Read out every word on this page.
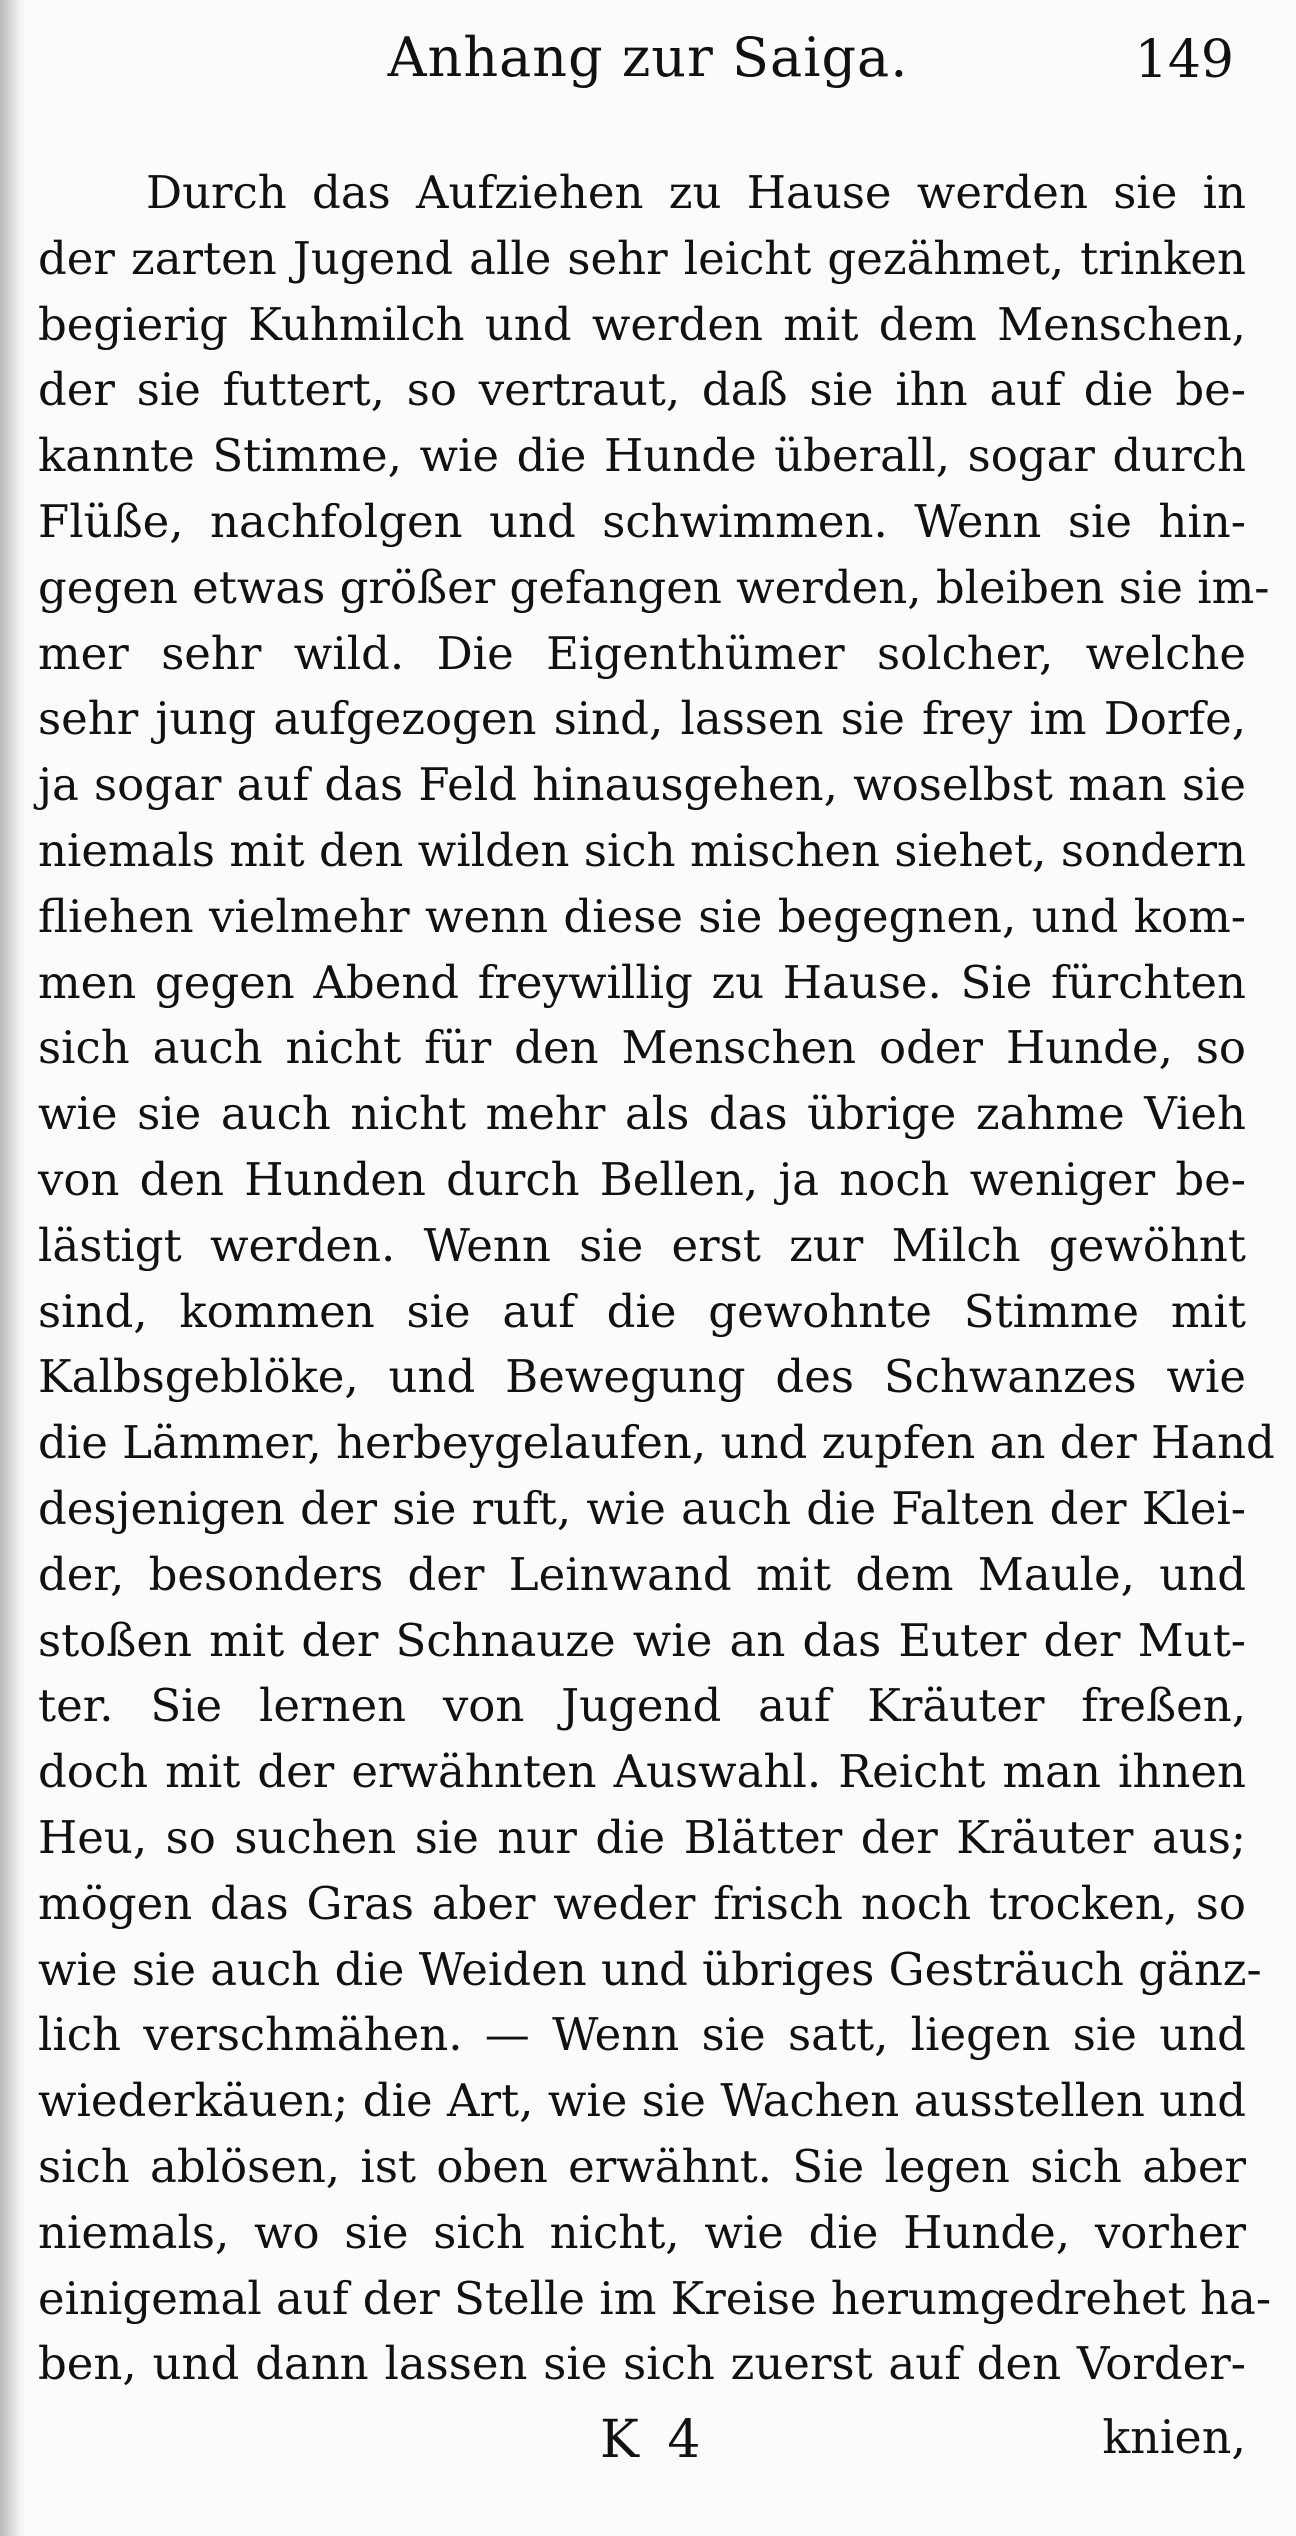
Anhang zur Saiga.	149
Durch das Aufziehen zu Hause werden sie in
der zarten Jugend alle sehr leicht gezähmet, trinken
begierig Kuhmilch und werden mit dem Menschen,
der sie futtert, so vertraut, daß sie ihn auf die be-
kannte Stimme, wie die Hunde überall, sogar durch
Flüße, nachfolgen und schwimmen. Wenn sie hin-
gegen etwas größer gefangen werden, bleiben sie im-
mer sehr wild. Die Eigenthümer solcher, welche
sehr jung aufgezogen sind, lassen sie frey im Dorfe,
ja sogar auf das Feld hinausgehen, woselbst man sie
niemals mit den wilden sich mischen siehet, sondern
fliehen vielmehr wenn diese sie begegnen, und kom-
men gegen Abend freywillig zu Hause. Sie fürchten
sich auch nicht für den Menschen oder Hunde, so
wie sie auch nicht mehr als das übrige zahme Vieh
von den Hunden durch Bellen, ja noch weniger be-
lästigt werden. Wenn sie erst zur Milch gewöhnt
sind, kommen sie auf die gewohnte Stimme mit
Kalbsgeblöke, und Bewegung des Schwanzes wie
die Lämmer, herbeygelaufen, und zupfen an der Hand
desjenigen der sie ruft, wie auch die Falten der Klei-
der, besonders der Leinwand mit dem Maule, und
stoßen mit der Schnauze wie an das Euter der Mut-
ter. Sie lernen von Jugend auf Kräuter freßen,
doch mit der erwähnten Auswahl. Reicht man ihnen
Heu, so suchen sie nur die Blätter der Kräuter aus;
mögen das Gras aber weder frisch noch trocken, so
wie sie auch die Weiden und übriges Gesträuch gänz-
lich verschmähen. — Wenn sie satt, liegen sie und
wiederkäuen; die Art, wie sie Wachen ausstellen und
sich ablösen, ist oben erwähnt. Sie legen sich aber
niemals, wo sie sich nicht, wie die Hunde, vorher
einigemal auf der Stelle im Kreise herumgedrehet ha-
ben, und dann lassen sie sich zuerst auf den Vorder-
K 4	knien,
